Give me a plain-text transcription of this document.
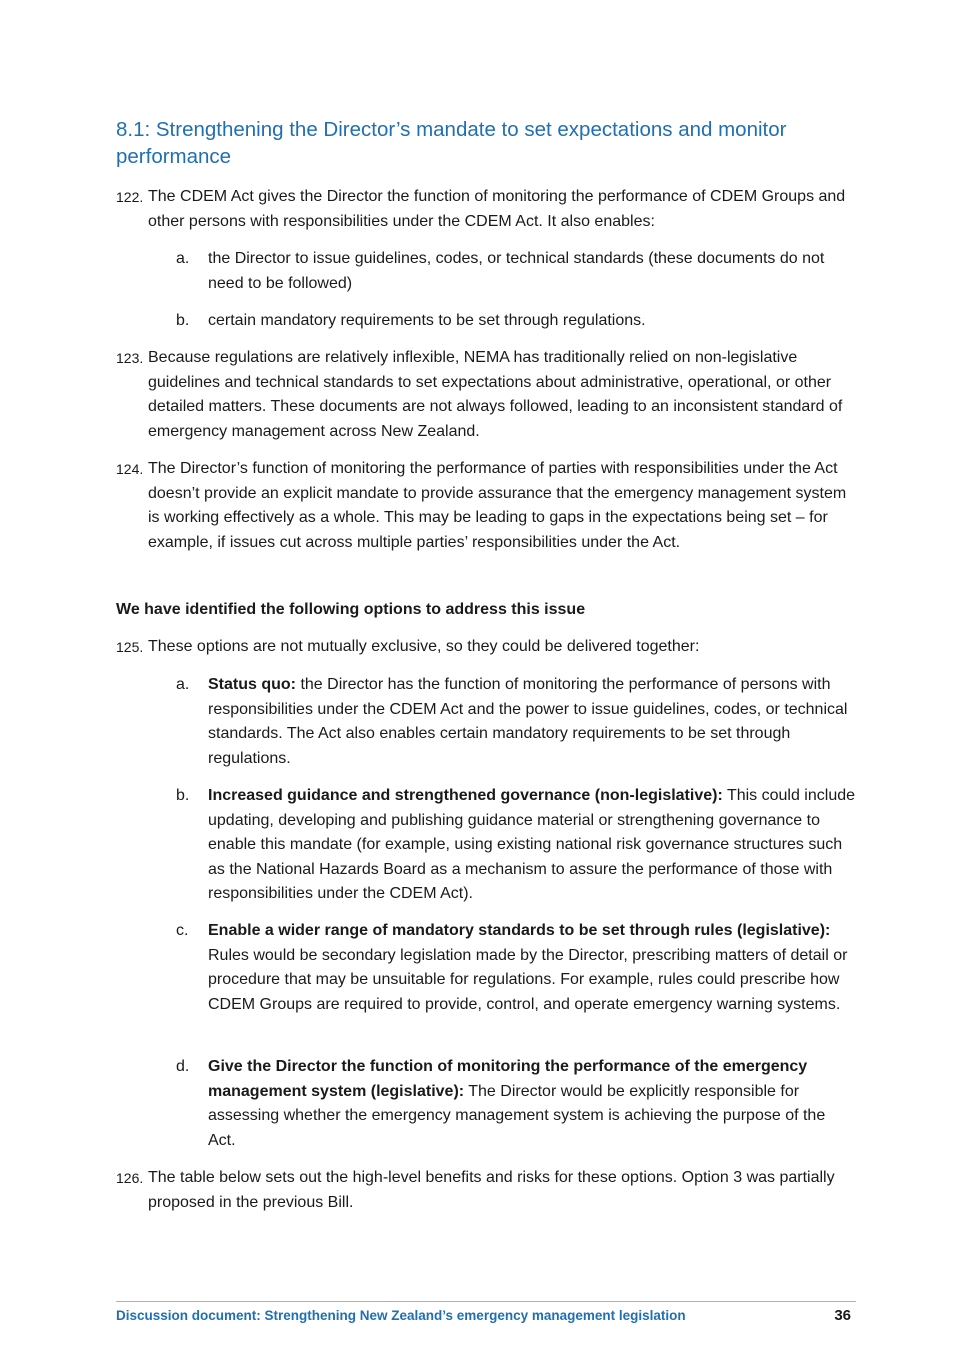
8.1: Strengthening the Director’s mandate to set expectations and monitor performance
122. The CDEM Act gives the Director the function of monitoring the performance of CDEM Groups and other persons with responsibilities under the CDEM Act. It also enables:
a. the Director to issue guidelines, codes, or technical standards (these documents do not need to be followed)
b. certain mandatory requirements to be set through regulations.
123. Because regulations are relatively inflexible, NEMA has traditionally relied on non-legislative guidelines and technical standards to set expectations about administrative, operational, or other detailed matters. These documents are not always followed, leading to an inconsistent standard of emergency management across New Zealand.
124. The Director’s function of monitoring the performance of parties with responsibilities under the Act doesn’t provide an explicit mandate to provide assurance that the emergency management system is working effectively as a whole. This may be leading to gaps in the expectations being set – for example, if issues cut across multiple parties’ responsibilities under the Act.
We have identified the following options to address this issue
125. These options are not mutually exclusive, so they could be delivered together:
a. Status quo: the Director has the function of monitoring the performance of persons with responsibilities under the CDEM Act and the power to issue guidelines, codes, or technical standards. The Act also enables certain mandatory requirements to be set through regulations.
b. Increased guidance and strengthened governance (non-legislative): This could include updating, developing and publishing guidance material or strengthening governance to enable this mandate (for example, using existing national risk governance structures such as the National Hazards Board as a mechanism to assure the performance of those with responsibilities under the CDEM Act).
c. Enable a wider range of mandatory standards to be set through rules (legislative): Rules would be secondary legislation made by the Director, prescribing matters of detail or procedure that may be unsuitable for regulations. For example, rules could prescribe how CDEM Groups are required to provide, control, and operate emergency warning systems.
d. Give the Director the function of monitoring the performance of the emergency management system (legislative): The Director would be explicitly responsible for assessing whether the emergency management system is achieving the purpose of the Act.
126. The table below sets out the high-level benefits and risks for these options. Option 3 was partially proposed in the previous Bill.
Discussion document: Strengthening New Zealand’s emergency management legislation	36
